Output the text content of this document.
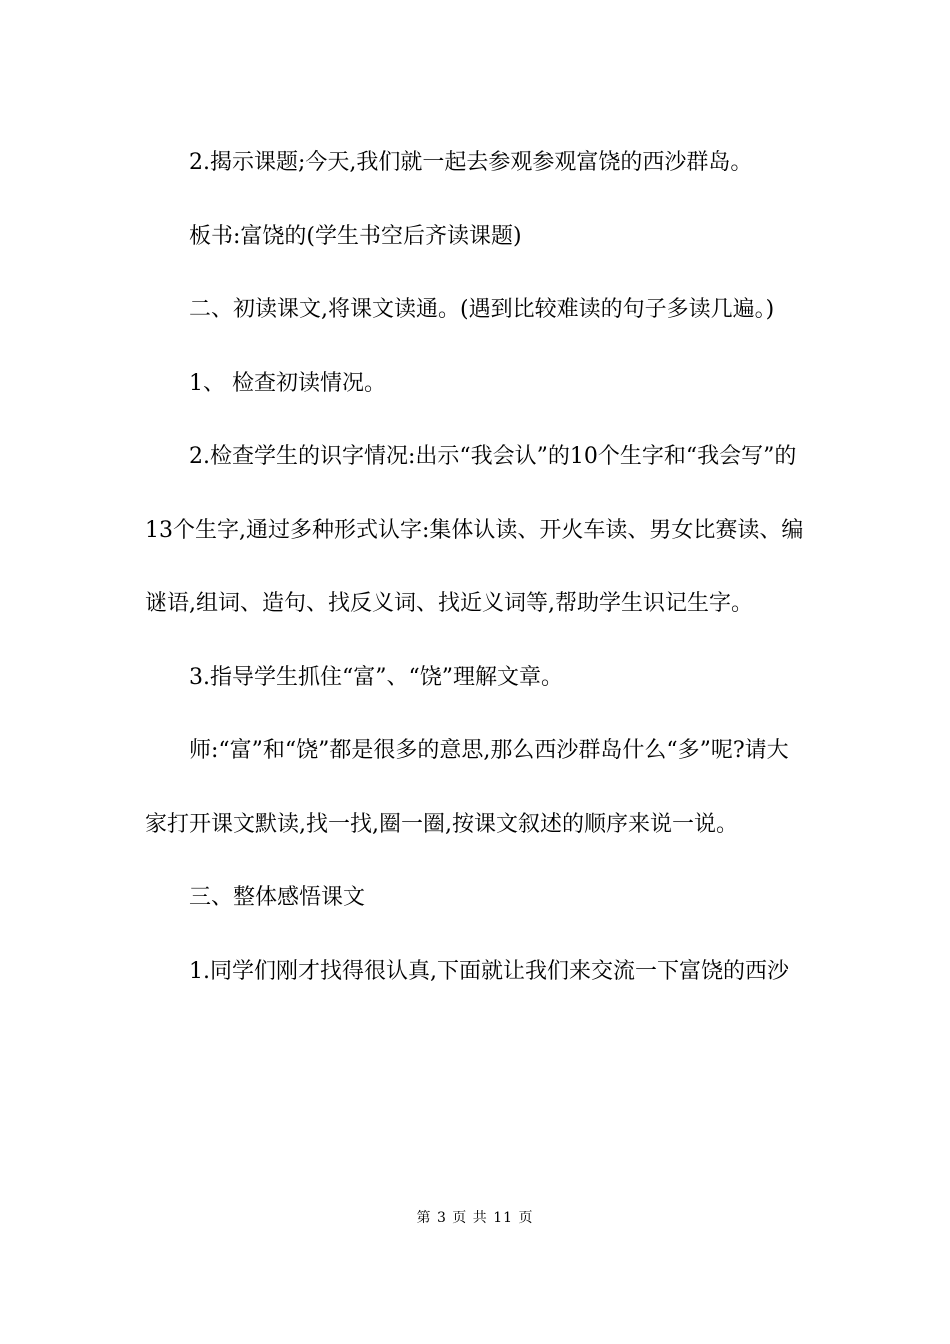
2.揭示课题;今天,我们就一起去参观参观富饶的西沙群岛。

板书:富饶的(学生书空后齐读课题)

二、初读课文,将课文读通。(遇到比较难读的句子多读几遍。)

1、 检查初读情况。

2.检查学生的识字情况:出示“我会认”的10个生字和“我会写”的13个生字,通过多种形式认字:集体认读、开火车读、男女比赛读、编谜语,组词、造句、找反义词、找近义词等,帮助学生识记生字。

3.指导学生抓住“富”、“饶”理解文章。

师:“富”和“饶”都是很多的意思,那么西沙群岛什么“多”呢?请大家打开课文默读,找一找,圈一圈,按课文叙述的顺序来说一说。

三、整体感悟课文

1.同学们刚才找得很认真,下面就让我们来交流一下富饶的西沙

第 3 页 共 11 页
